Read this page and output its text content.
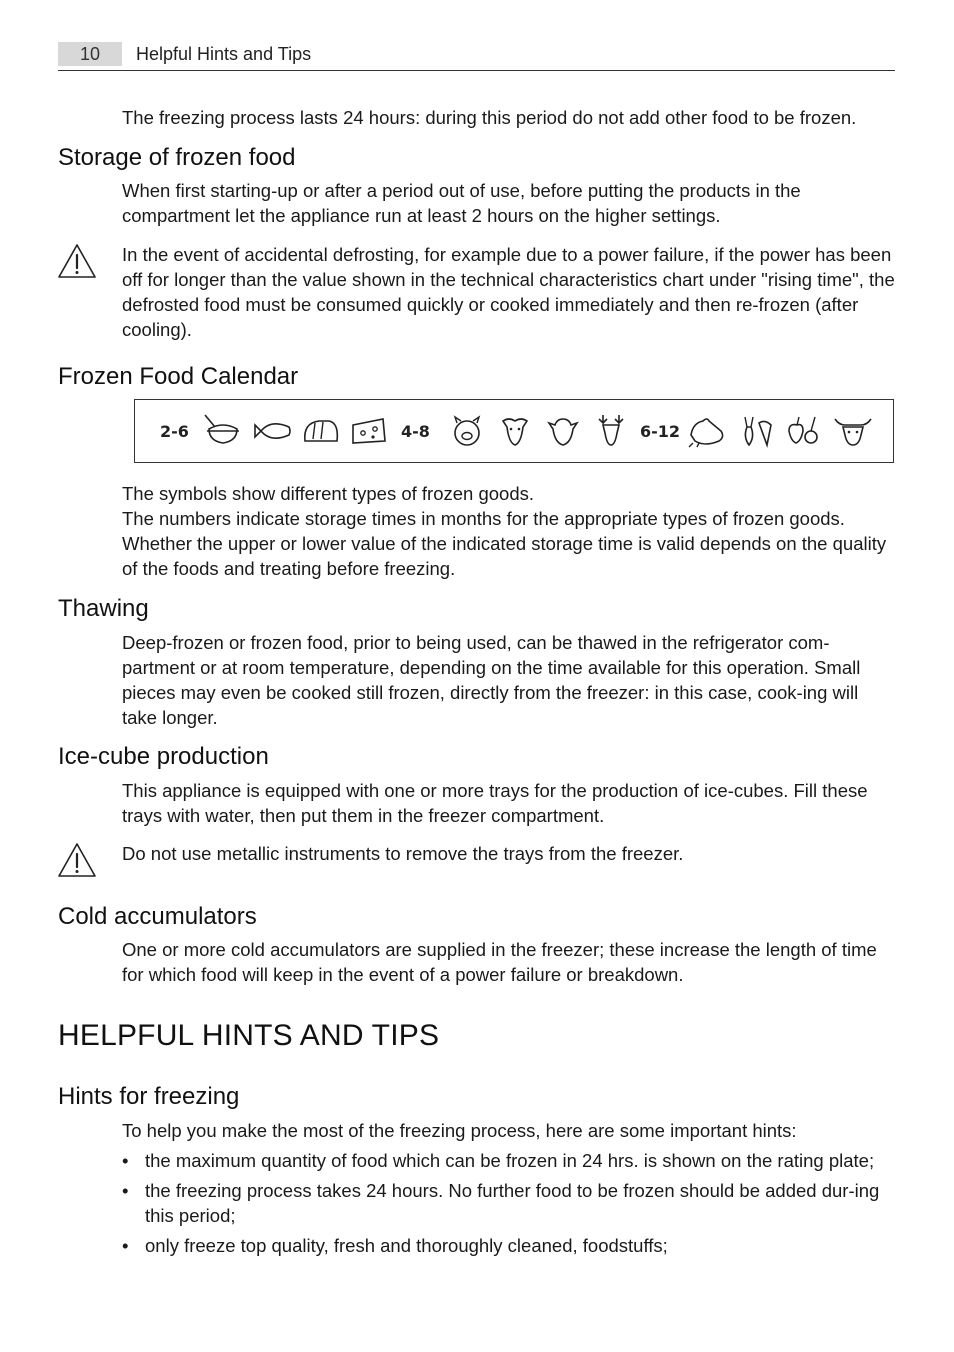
10	Helpful Hints and Tips

The freezing process lasts 24 hours: during this period do not add other food to be frozen.

Storage of frozen food

When first starting-up or after a period out of use, before putting the products in the compartment let the appliance run at least 2 hours on the higher settings.

In the event of accidental defrosting, for example due to a power failure, if the power has been off for longer than the value shown in the technical characteristics chart under "rising time", the defrosted food must be consumed quickly or cooked immediately and then re-frozen (after cooling).

Frozen Food Calendar
2-6	4-8	6-12

The symbols show different types of frozen goods.

The numbers indicate storage times in months for the appropriate types of frozen goods. Whether the upper or lower value of the indicated storage time is valid depends on the quality of the foods and treating before freezing.

Thawing

Deep-frozen or frozen food, prior to being used, can be thawed in the refrigerator com-partment or at room temperature, depending on the time available for this operation. Small pieces may even be cooked still frozen, directly from the freezer: in this case, cook-ing will take longer.

Ice-cube production

This appliance is equipped with one or more trays for the production of ice-cubes. Fill these trays with water, then put them in the freezer compartment.

Do not use metallic instruments to remove the trays from the freezer.

Cold accumulators

One or more cold accumulators are supplied in the freezer; these increase the length of time for which food will keep in the event of a power failure or breakdown.

HELPFUL HINTS AND TIPS
Hints for freezing

To help you make the most of the freezing process, here are some important hints:

• the maximum quantity of food which can be frozen in 24 hrs. is shown on the rating plate;
• the freezing process takes 24 hours. No further food to be frozen should be added dur-ing this period;
• only freeze top quality, fresh and thoroughly cleaned, foodstuffs;
